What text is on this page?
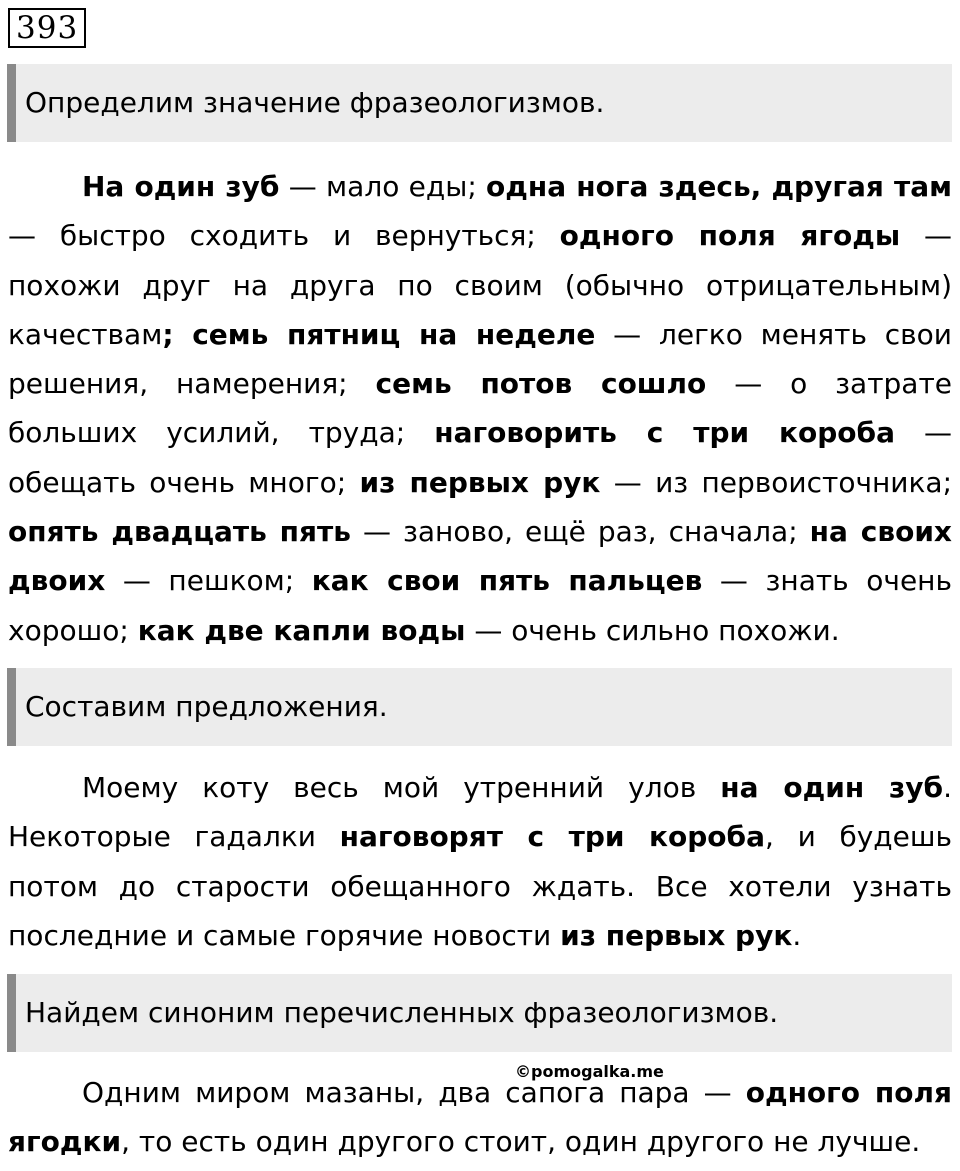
393
Определим значение фразеологизмов.
На один зуб — мало еды; одна нога здесь, другая там
— быстро сходить и вернуться; одного поля ягоды —
похожи друг на друга по своим (обычно отрицательным)
качествам; семь пятниц на неделе — легко менять свои
решения, намерения; семь потов сошло — о затрате
больших усилий, труда; наговорить с три короба —
обещать очень много; из первых рук — из первоисточника;
опять двадцать пять — заново, ещё раз, сначала; на своих
двоих — пешком; как свои пять пальцев — знать очень
хорошо; как две капли воды — очень сильно похожи.
Составим предложения.
Моему коту весь мой утренний улов на один зуб.
Некоторые гадалки наговорят с три короба, и будешь
потом до старости обещанного ждать. Все хотели узнать
последние и самые горячие новости из первых рук.
Найдем синоним перечисленных фразеологизмов.
Одним миром мазаны, два сапога пара — одного поля
ягодки, то есть один другого стоит, один другого не лучше.
©pomogalka.me
